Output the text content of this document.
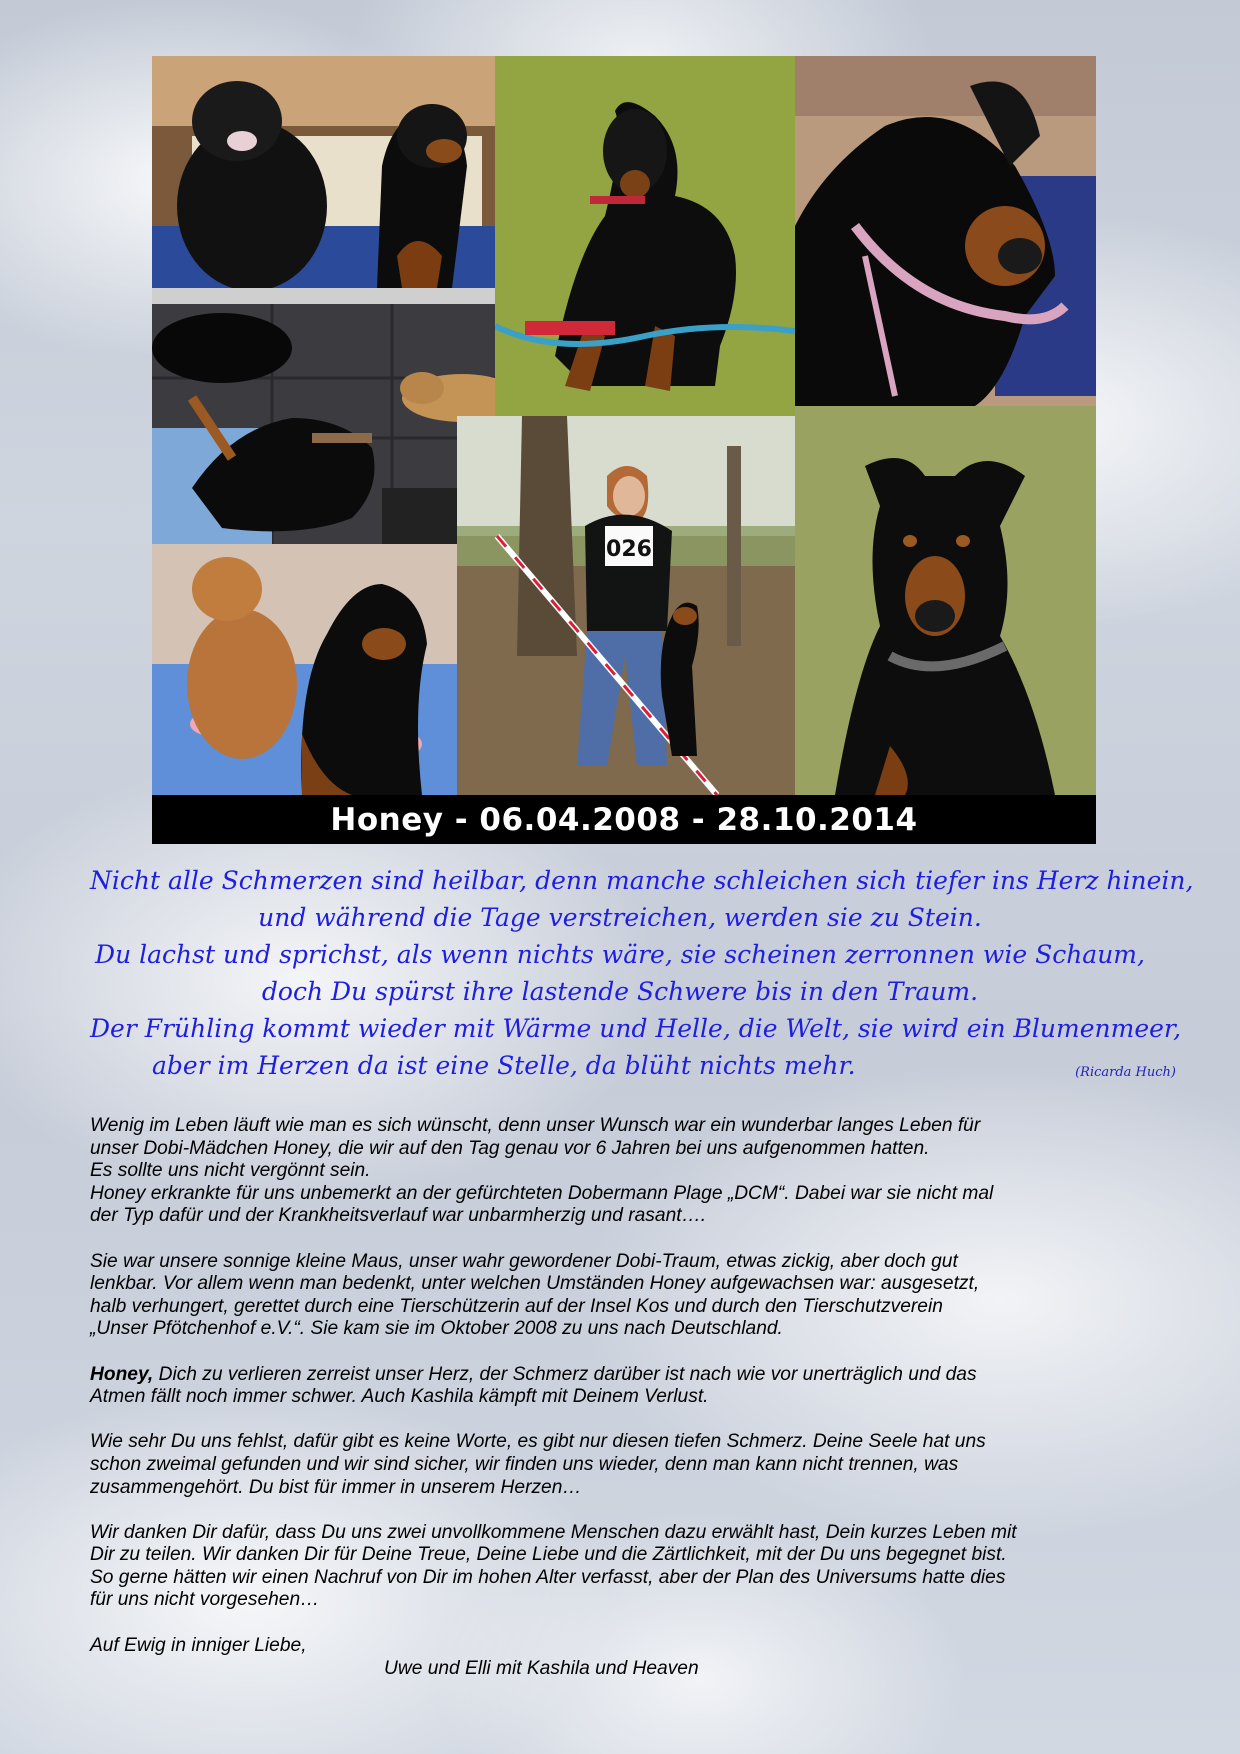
026
Honey - 06.04.2008 - 28.10.2014
Nicht alle Schmerzen sind heilbar, denn manche schleichen sich tiefer ins Herz hinein,
und während die Tage verstreichen, werden sie zu Stein.
Du lachst und sprichst, als wenn nichts wäre, sie scheinen zerronnen wie Schaum,
doch Du spürst ihre lastende Schwere bis in den Traum.
Der Frühling kommt wieder mit Wärme und Helle, die Welt, sie wird ein Blumenmeer,
aber im Herzen da ist eine Stelle, da blüht nichts mehr.	(Ricarda Huch)

Wenig im Leben läuft wie man es sich wünscht, denn unser Wunsch war ein wunderbar langes Leben für
unser Dobi-Mädchen Honey, die wir auf den Tag genau vor 6 Jahren bei uns aufgenommen hatten.
Es sollte uns nicht vergönnt sein.
Honey erkrankte für uns unbemerkt an der gefürchteten Dobermann Plage „DCM“. Dabei war sie nicht mal
der Typ dafür und der Krankheitsverlauf war unbarmherzig und rasant….

Sie war unsere sonnige kleine Maus, unser wahr gewordener Dobi-Traum, etwas zickig, aber doch gut
lenkbar. Vor allem wenn man bedenkt, unter welchen Umständen Honey aufgewachsen war: ausgesetzt,
halb verhungert, gerettet durch eine Tierschützerin auf der Insel Kos und durch den Tierschutzverein
„Unser Pfötchenhof e.V.“. Sie kam sie im Oktober 2008 zu uns nach Deutschland.

Honey, Dich zu verlieren zerreist unser Herz, der Schmerz darüber ist nach wie vor unerträglich und das
Atmen fällt noch immer schwer. Auch Kashila kämpft mit Deinem Verlust.

Wie sehr Du uns fehlst, dafür gibt es keine Worte, es gibt nur diesen tiefen Schmerz. Deine Seele hat uns
schon zweimal gefunden und wir sind sicher, wir finden uns wieder, denn man kann nicht trennen, was
zusammengehört. Du bist für immer in unserem Herzen…

Wir danken Dir dafür, dass Du uns zwei unvollkommene Menschen dazu erwählt hast, Dein kurzes Leben mit
Dir zu teilen. Wir danken Dir für Deine Treue, Deine Liebe und die Zärtlichkeit, mit der Du uns begegnet bist.
So gerne hätten wir einen Nachruf von Dir im hohen Alter verfasst, aber der Plan des Universums hatte dies
für uns nicht vorgesehen…

Auf Ewig in inniger Liebe,
Uwe und Elli mit Kashila und Heaven
